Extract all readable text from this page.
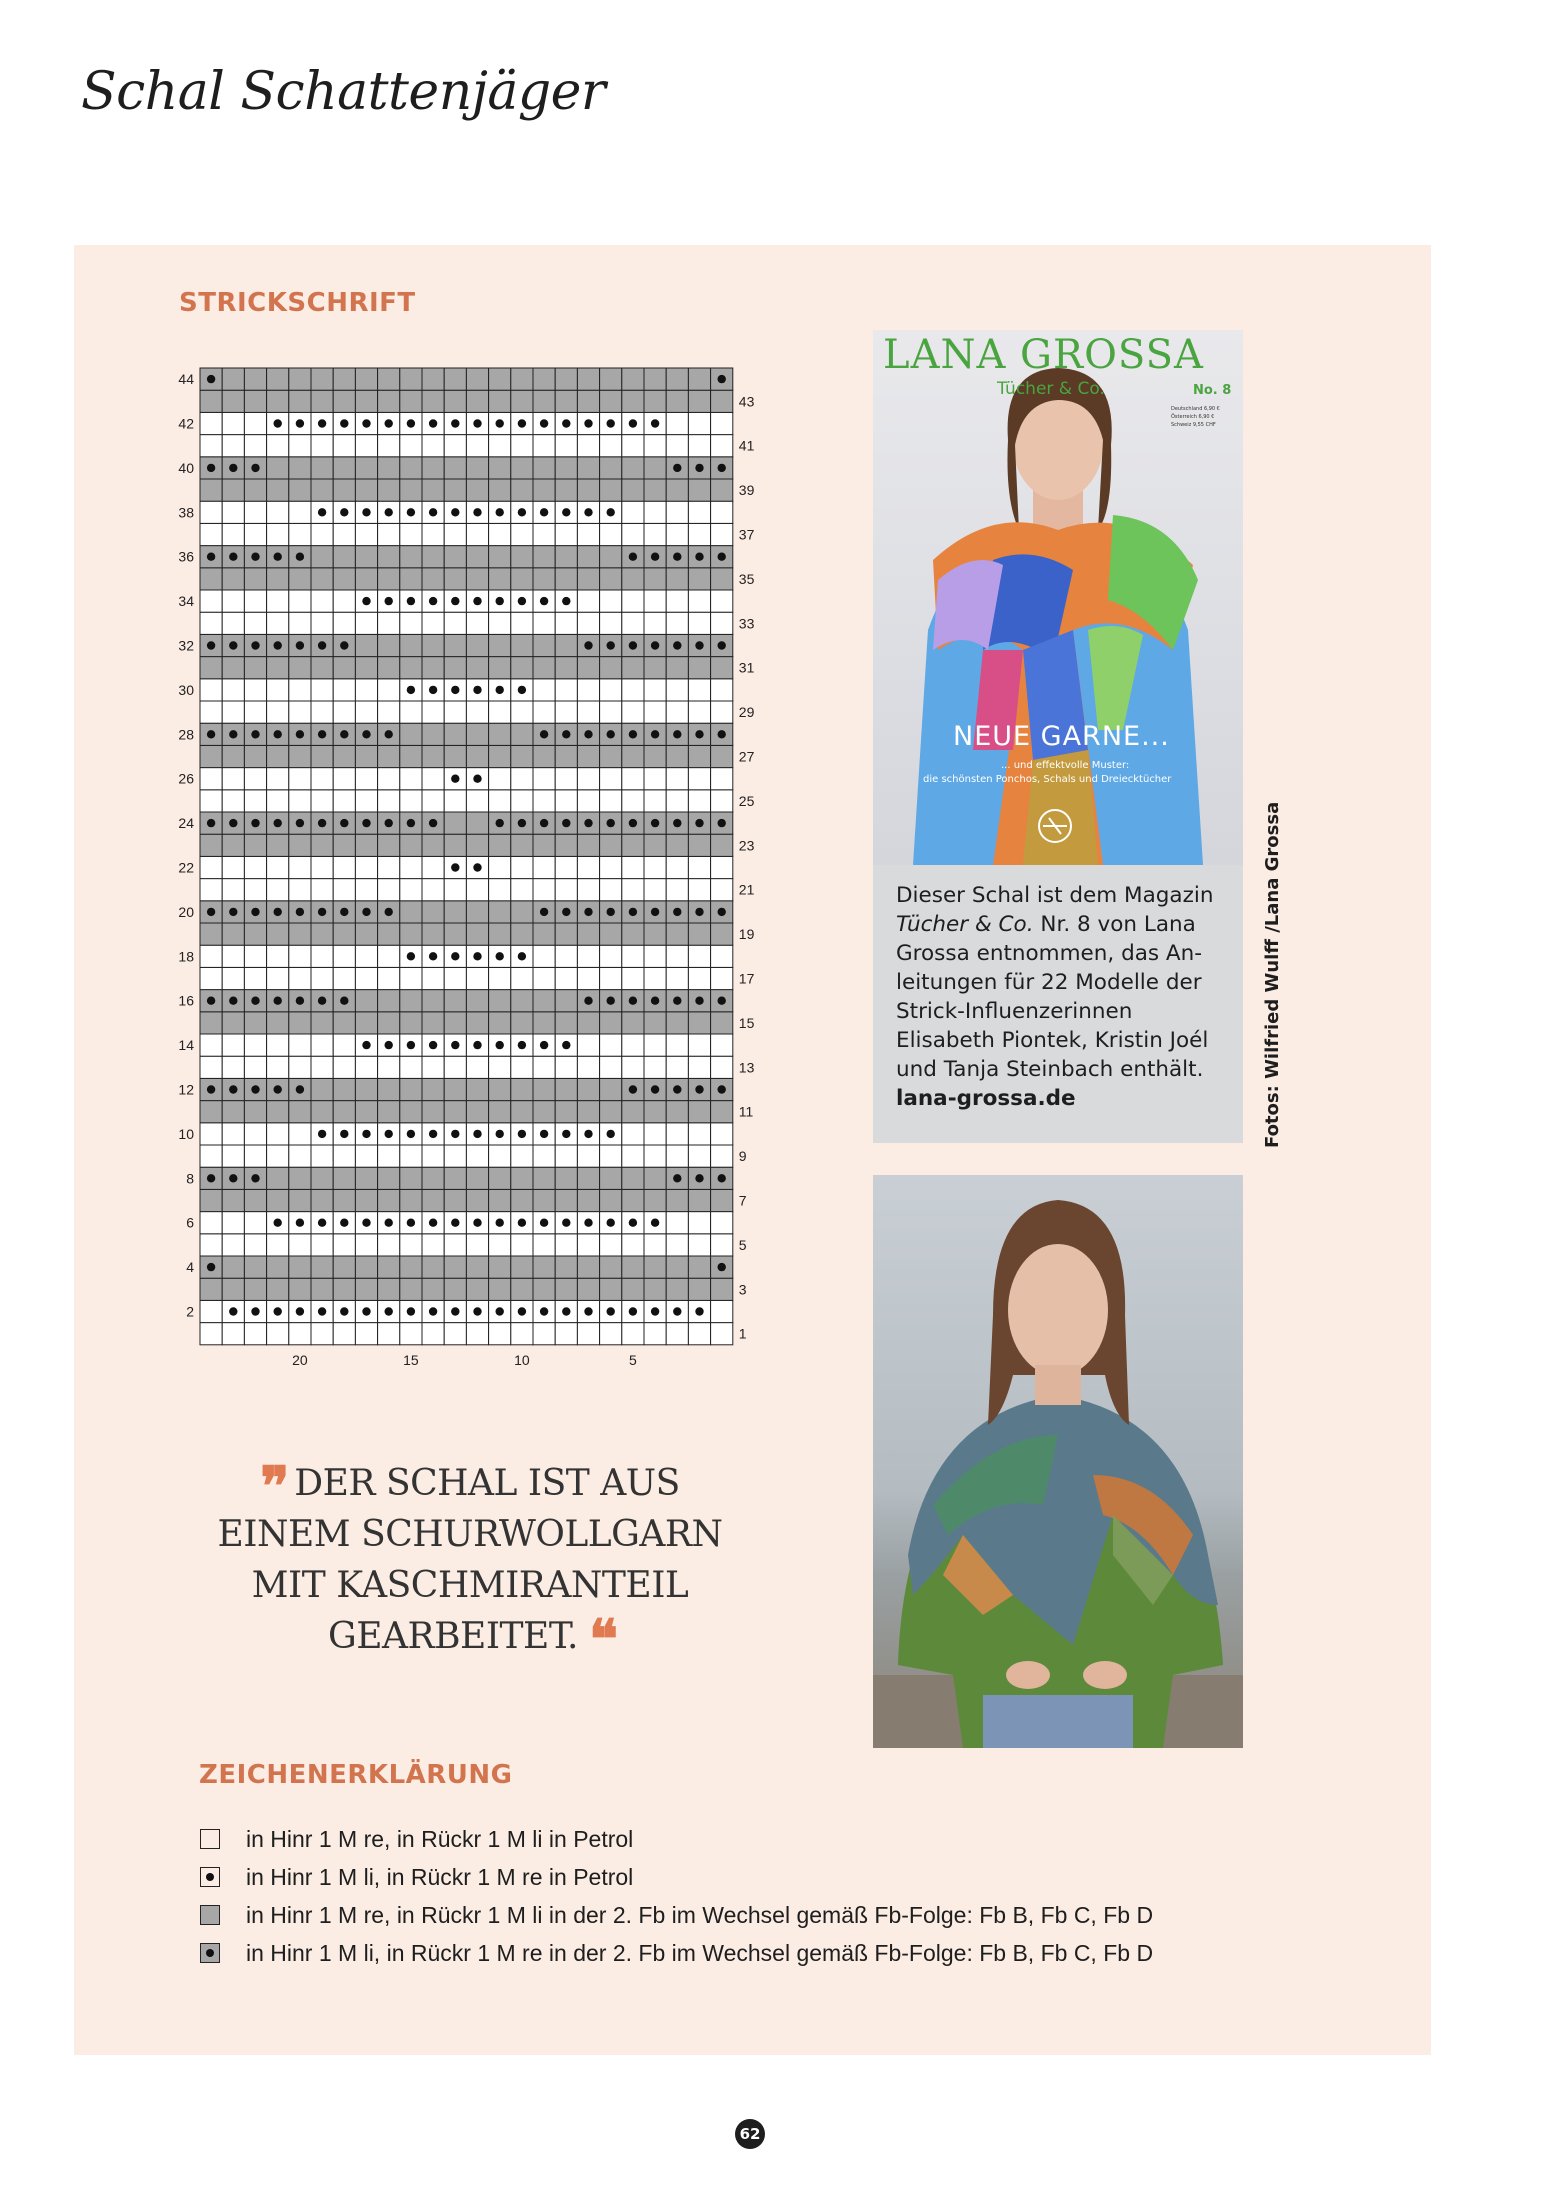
Schal Schattenjäger
STRICKSCHRIFT
2
4
6
8
10
12
14
16
18
20
22
24
26
28
30
32
34
36
38
40
42
44
1
3
5
7
9
11
13
15
17
19
21
23
25
27
29
31
33
35
37
39
41
43
20	15	10	5
LANA GROSSA
Tücher & Co.	No. 8
Deutschland 6,90 €
Österreich 6,90 €
Schweiz 9,55 CHF
NEUE GARNE...
... und effektvolle Muster:
die schönsten Ponchos, Schals und Dreiecktücher
Dieser Schal ist dem Magazin Tücher & Co. Nr. 8 von Lana Grossa entnommen, das An-leitungen für 22 Modelle der Strick-Influenzerinnen Elisabeth Piontek, Kristin Joél und Tanja Steinbach enthält.
lana-grossa.de	Fotos: Wilfried Wulff /Lana Grossa
❞ DER SCHAL IST AUS EINEM SCHURWOLLGARN MIT KASCHMIRANTEIL GEARBEITET. ❝
ZEICHENERKLÄRUNG
in Hinr 1 M re, in Rückr 1 M li in Petrol
in Hinr 1 M li, in Rückr 1 M re in Petrol
in Hinr 1 M re, in Rückr 1 M li in der 2. Fb im Wechsel gemäß Fb-Folge: Fb B, Fb C, Fb D
in Hinr 1 M li, in Rückr 1 M re in der 2. Fb im Wechsel gemäß Fb-Folge: Fb B, Fb C, Fb D
62
